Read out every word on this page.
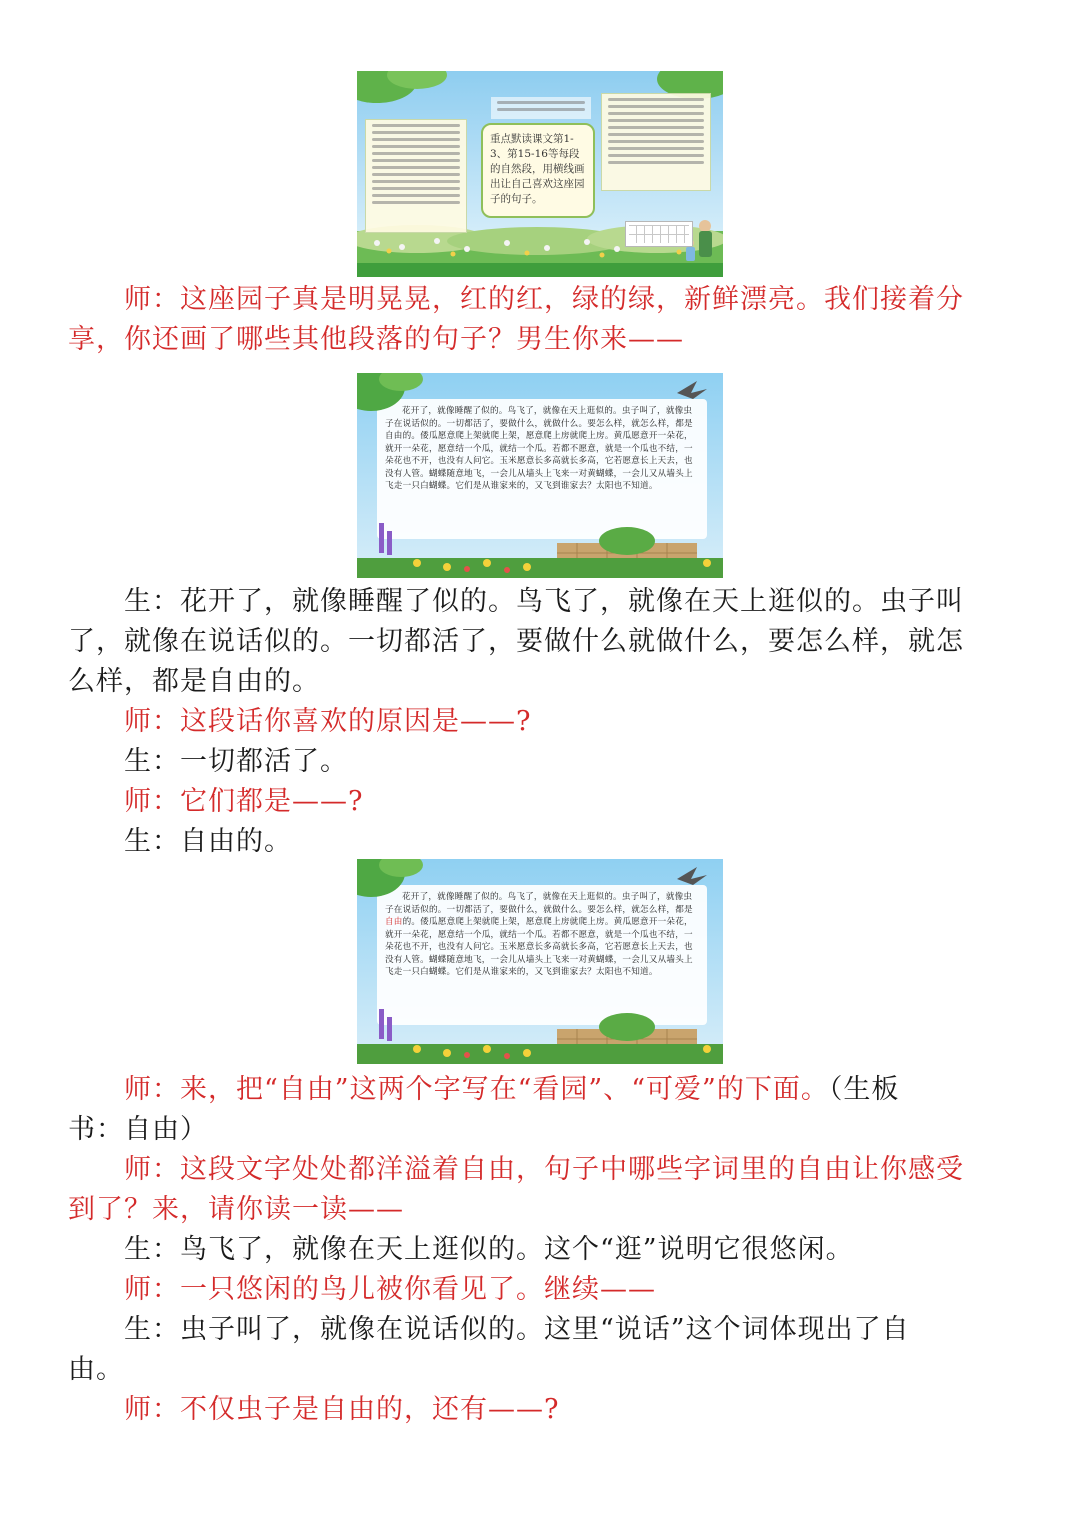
重点默读课文第1-3、第15-16等每段的自然段，用横线画出让自己喜欢这座园子的句子。
花开了，就像睡醒了似的。鸟飞了，就像在天上逛似的。虫子叫了，就像虫子在说话似的。一切都活了，要做什么，就做什么。要怎么样，就怎么样，都是自由的。倭瓜愿意爬上架就爬上架，愿意爬上房就爬上房。黄瓜愿意开一朵花，就开一朵花，愿意结一个瓜，就结一个瓜。若都不愿意，就是一个瓜也不结，一朵花也不开，也没有人问它。玉米愿意长多高就长多高，它若愿意长上天去，也没有人管。蝴蝶随意地飞，一会儿从墙头上飞来一对黄蝴蝶，一会儿又从墙头上飞走一只白蝴蝶。它们是从谁家来的，又飞到谁家去？太阳也不知道。
花开了，就像睡醒了似的。鸟飞了，就像在天上逛似的。虫子叫了，就像虫子在说话似的。一切都活了，要做什么，就做什么。要怎么样，就怎么样，都是自由的。倭瓜愿意爬上架就爬上架，愿意爬上房就爬上房。黄瓜愿意开一朵花，就开一朵花，愿意结一个瓜，就结一个瓜。若都不愿意，就是一个瓜也不结，一朵花也不开，也没有人问它。玉米愿意长多高就长多高，它若愿意长上天去，也没有人管。蝴蝶随意地飞，一会儿从墙头上飞来一对黄蝴蝶，一会儿又从墙头上飞走一只白蝴蝶。它们是从谁家来的，又飞到谁家去？太阳也不知道。

师：这座园子真是明晃晃，红的红，绿的绿，新鲜漂亮。我们接着分

享，你还画了哪些其他段落的句子？男生你来——

生：花开了，就像睡醒了似的。鸟飞了，就像在天上逛似的。虫子叫

了，就像在说话似的。一切都活了，要做什么就做什么，要怎么样，就怎

么样，都是自由的。

师：这段话你喜欢的原因是——?

生：一切都活了。

师：它们都是——?

生：自由的。

师：来，把“自由”这两个字写在“看园”、“可爱”的下面。（生板

书：自由）

师：这段文字处处都洋溢着自由，句子中哪些字词里的自由让你感受

到了？来，请你读一读——

生：鸟飞了，就像在天上逛似的。这个“逛”说明它很悠闲。

师：一只悠闲的鸟儿被你看见了。继续——

生：虫子叫了，就像在说话似的。这里“说话”这个词体现出了自

由。

师：不仅虫子是自由的，还有——?
